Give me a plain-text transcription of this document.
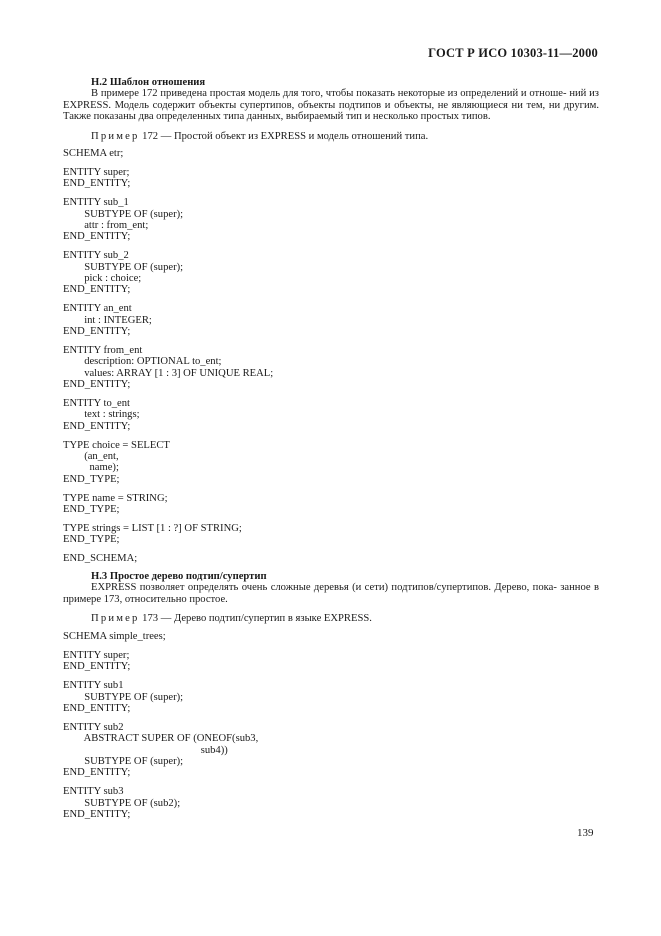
ГОСТ Р ИСО 10303-11—2000
Н.2 Шаблон отношения
В примере 172 приведена простая модель для того, чтобы показать некоторые из определений и отноше- ний из EXPRESS. Модель содержит объекты супертипов, объекты подтипов и объекты, не являющиеся ни тем, ни другим. Также показаны два определенных типа данных, выбираемый тип и несколько простых типов.
Пример 172 — Простой объект из EXPRESS и модель отношений типа.
SCHEMA etr;
ENTITY super;
END_ENTITY;
ENTITY sub_1
SUBTYPE OF (super);
attr : from_ent;
END_ENTITY;
ENTITY sub_2
SUBTYPE OF (super);
pick : choice;
END_ENTITY;
ENTITY an_ent
int : INTEGER;
END_ENTITY;
ENTITY from_ent
description: OPTIONAL to_ent;
values: ARRAY [1 : 3] OF UNIQUE REAL;
END_ENTITY;
ENTITY to_ent
text : strings;
END_ENTITY;
TYPE choice = SELECT
(an_ent,
name);
END_TYPE;
TYPE name = STRING;
END_TYPE;
TYPE strings = LIST [1 : ?] OF STRING;
END_TYPE;
END_SCHEMA;
Н.3 Простое дерево подтип/супертип
EXPRESS позволяет определять очень сложные деревья (и сети) подтипов/супертипов. Дерево, пока- занное в примере 173, относительно простое.
Пример 173 — Дерево подтип/супертип в языке EXPRESS.
SCHEMA simple_trees;
ENTITY super;
END_ENTITY;
ENTITY sub1
SUBTYPE OF (super);
END_ENTITY;
ENTITY sub2
ABSTRACT SUPER OF (ONEOF(sub3,
sub4))
SUBTYPE OF (super);
END_ENTITY;
ENTITY sub3
SUBTYPE OF (sub2);
END_ENTITY;
139
